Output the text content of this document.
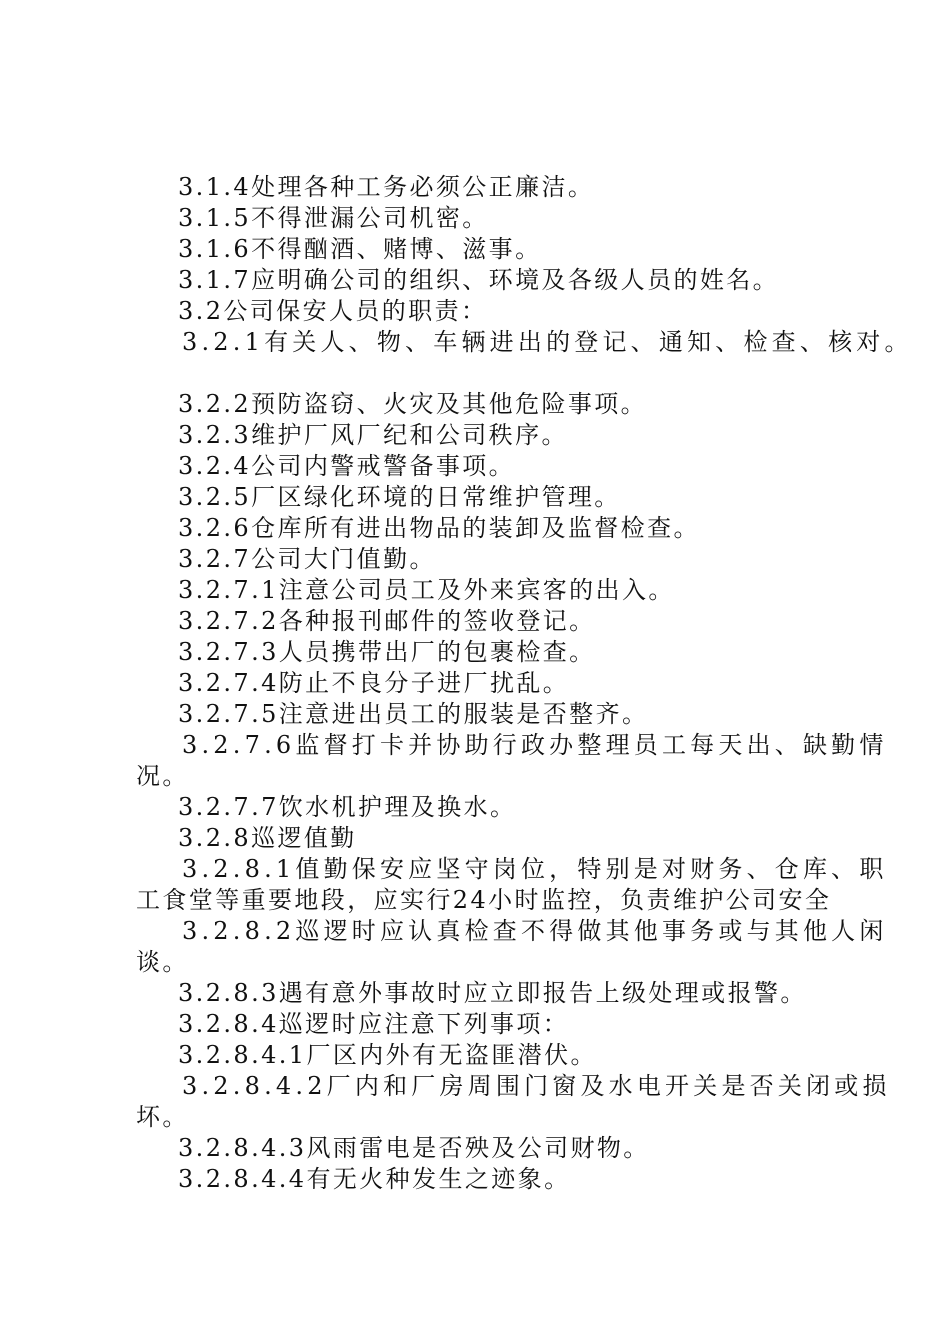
3.1.4处理各种工务必须公正廉洁。
3.1.5不得泄漏公司机密。
3.1.6不得酗酒、赌博、滋事。
3.1.7应明确公司的组织、环境及各级人员的姓名。
3.2公司保安人员的职责：
3.2.1有关人、物、车辆进出的登记、通知、检查、核对。
3.2.2预防盗窃、火灾及其他危险事项。
3.2.3维护厂风厂纪和公司秩序。
3.2.4公司内警戒警备事项。
3.2.5厂区绿化环境的日常维护管理。
3.2.6仓库所有进出物品的装卸及监督检查。
3.2.7公司大门值勤。
3.2.7.1注意公司员工及外来宾客的出入。
3.2.7.2各种报刊邮件的签收登记。
3.2.7.3人员携带出厂的包裹检查。
3.2.7.4防止不良分子进厂扰乱。
3.2.7.5注意进出员工的服装是否整齐。
3.2.7.6监督打卡并协助行政办整理员工每天出、缺勤情
况。
3.2.7.7饮水机护理及换水。
3.2.8巡逻值勤
3.2.8.1值勤保安应坚守岗位，特别是对财务、仓库、职
工食堂等重要地段，应实行24小时监控，负责维护公司安全
3.2.8.2巡逻时应认真检查不得做其他事务或与其他人闲
谈。
3.2.8.3遇有意外事故时应立即报告上级处理或报警。
3.2.8.4巡逻时应注意下列事项：
3.2.8.4.1厂区内外有无盗匪潜伏。
3.2.8.4.2厂内和厂房周围门窗及水电开关是否关闭或损
坏。
3.2.8.4.3风雨雷电是否殃及公司财物。
3.2.8.4.4有无火种发生之迹象。
